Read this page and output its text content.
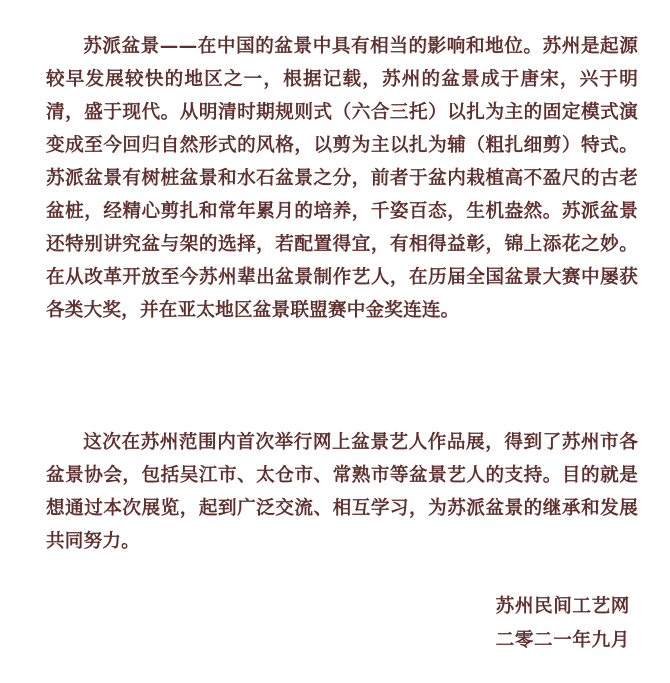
苏派盆景——在中国的盆景中具有相当的影响和地位。苏州是起源较早发展较快的地区之一，根据记载，苏州的盆景成于唐宋，兴于明清，盛于现代。从明清时期规则式（六合三托）以扎为主的固定模式演变成至今回归自然形式的风格，以剪为主以扎为辅（粗扎细剪）特式。苏派盆景有树桩盆景和水石盆景之分，前者于盆内栽植高不盈尺的古老盆桩，经精心剪扎和常年累月的培养，千姿百态，生机盎然。苏派盆景还特别讲究盆与架的选择，若配置得宜，有相得益彰，锦上添花之妙。在从改革开放至今苏州辈出盆景制作艺人，在历届全国盆景大赛中屡获各类大奖，并在亚太地区盆景联盟赛中金奖连连。

这次在苏州范围内首次举行网上盆景艺人作品展，得到了苏州市各盆景协会，包括吴江市、太仓市、常熟市等盆景艺人的支持。目的就是想通过本次展览，起到广泛交流、相互学习，为苏派盆景的继承和发展共同努力。

苏州民间工艺网

二零二一年九月
